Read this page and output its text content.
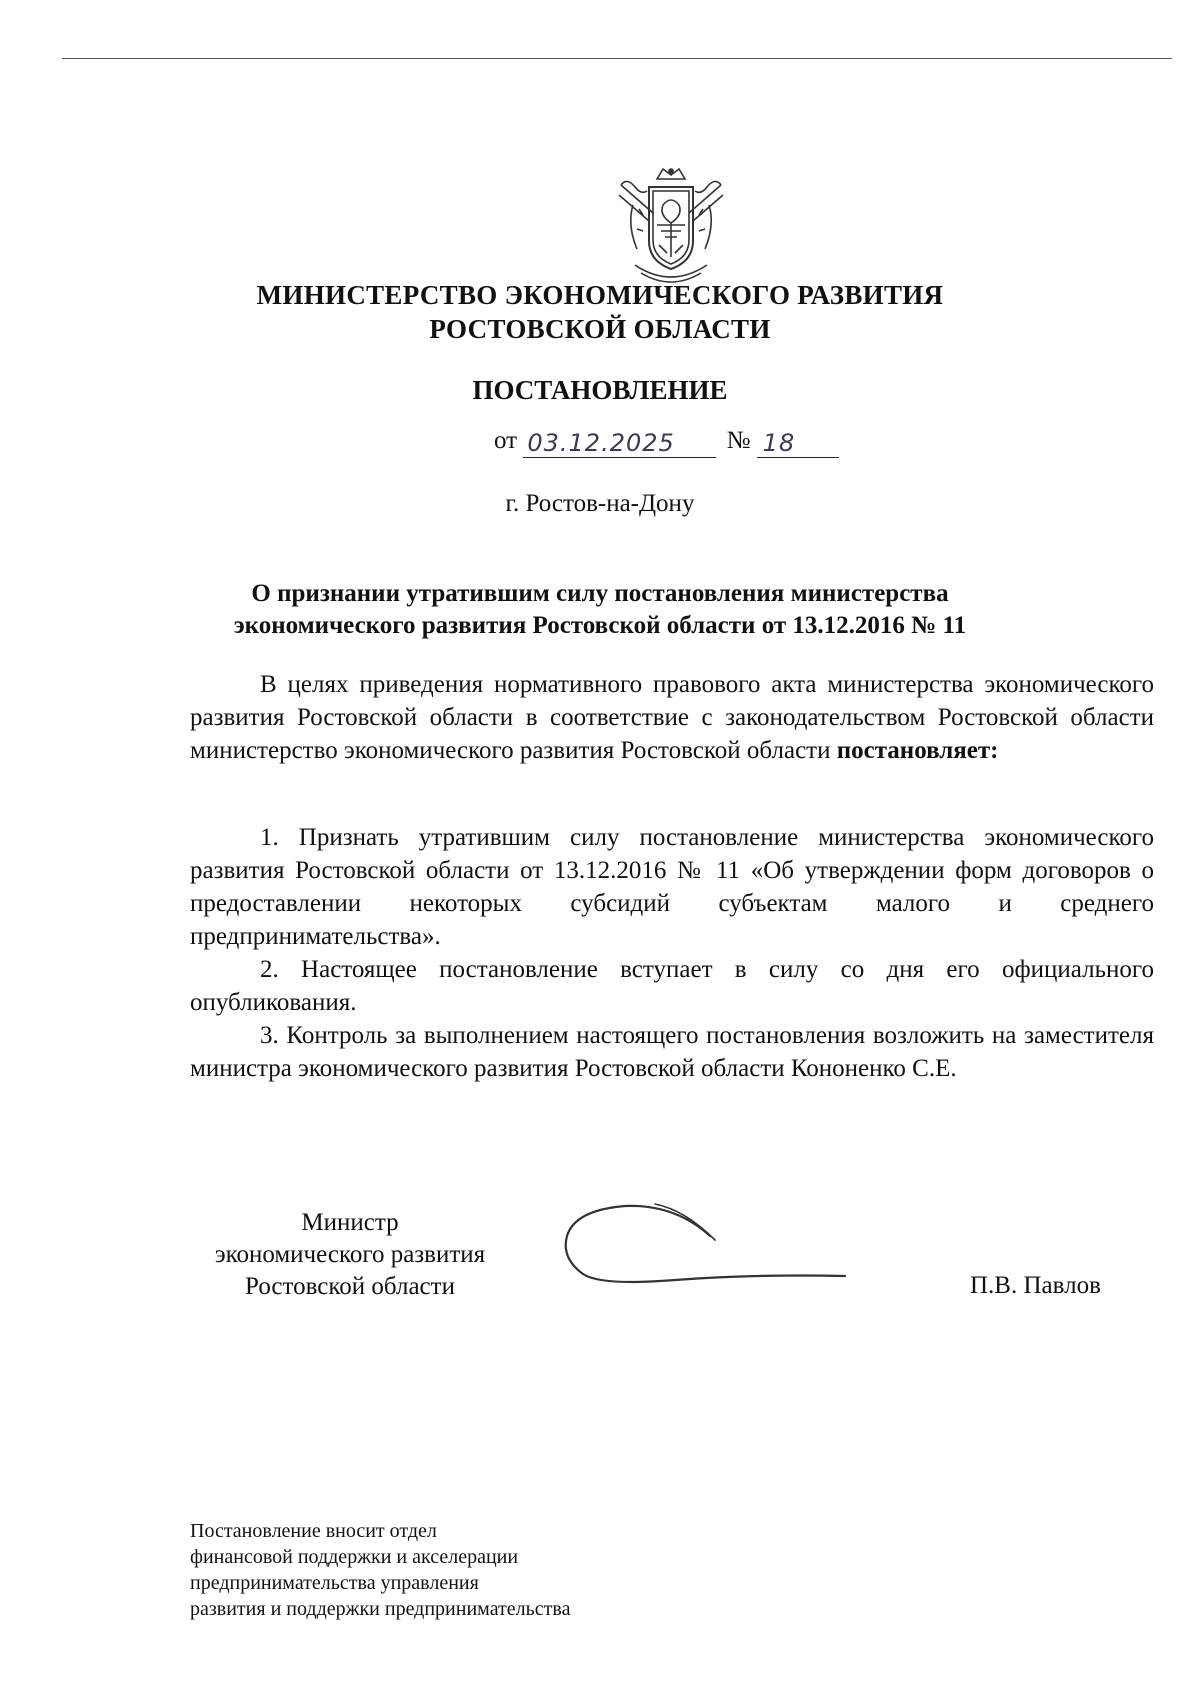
МИНИСТЕРСТВО ЭКОНОМИЧЕСКОГО РАЗВИТИЯ
РОСТОВСКОЙ ОБЛАСТИ
ПОСТАНОВЛЕНИЕ
от 03.12.2025 № 18
г. Ростов-на-Дону
О признании утратившим силу постановления министерства
экономического развития Ростовской области от 13.12.2016 № 11

В целях приведения нормативного правового акта министерства экономического развития Ростовской области в соответствие с законодательством Ростовской области министерство экономического развития Ростовской области постановляет:

1. Признать утратившим силу постановление министерства экономического развития Ростовской области от 13.12.2016 № 11 «Об утверждении форм договоров о предоставлении некоторых субсидий субъектам малого и среднего предпринимательства».

2. Настоящее постановление вступает в силу со дня его официального опубликования.

3. Контроль за выполнением настоящего постановления возложить на заместителя министра экономического развития Ростовской области Кононенко С.Е.

Министр
экономического развития
Ростовской области	П.В. Павлов
Постановление вносит отдел
финансовой поддержки и акселерации
предпринимательства управления
развития и поддержки предпринимательства
